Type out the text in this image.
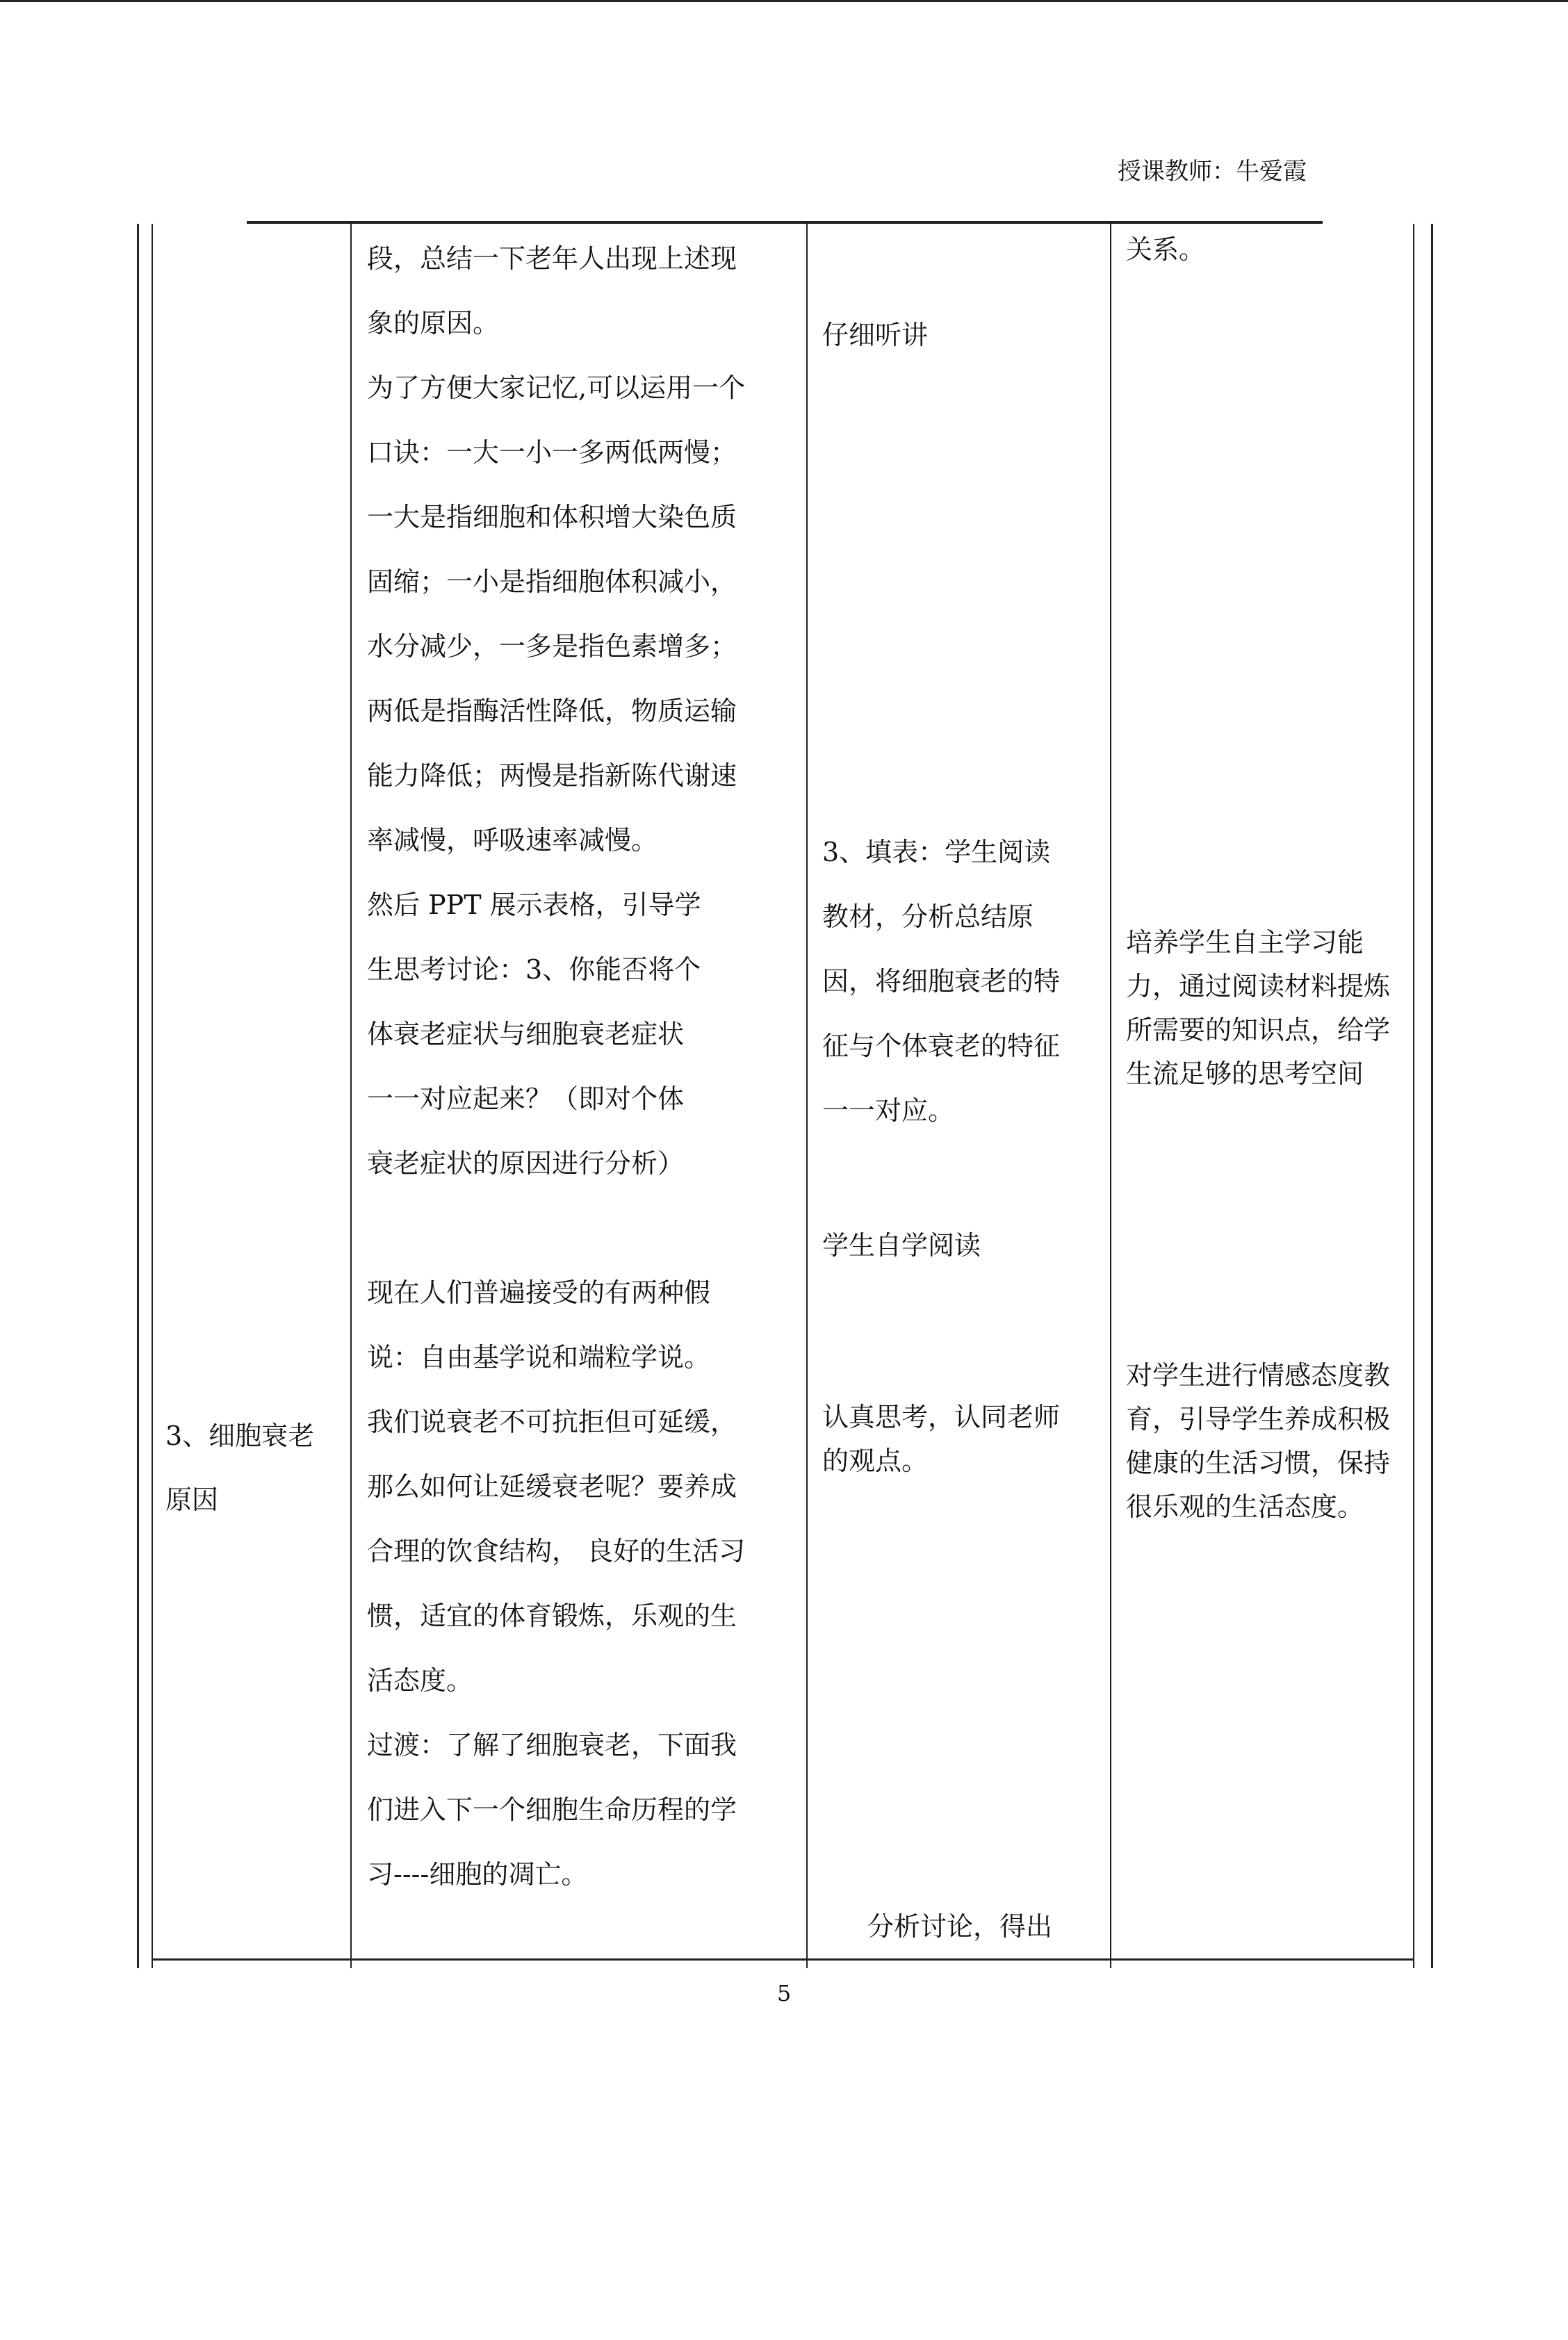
授课教师：牛爱霞
3、细胞衰老原因

段，总结一下老年人出现上述现

象的原因。

为了方便大家记忆,可以运用一个

口诀：一大一小一多两低两慢；

一大是指细胞和体积增大染色质

固缩；一小是指细胞体积减小，

水分减少，一多是指色素增多；

两低是指酶活性降低，物质运输

能力降低；两慢是指新陈代谢速

率减慢，呼吸速率减慢。

然后 PPT 展示表格，引导学

生思考讨论：3、你能否将个

体衰老症状与细胞衰老症状

一一对应起来？（即对个体

衰老症状的原因进行分析）

现在人们普遍接受的有两种假

说：自由基学说和端粒学说。

我们说衰老不可抗拒但可延缓，

那么如何让延缓衰老呢？要养成

合理的饮食结构， 良好的生活习

惯，适宜的体育锻炼，乐观的生

活态度。

过渡：了解了细胞衰老，下面我

们进入下一个细胞生命历程的学

习----细胞的凋亡。

仔细听讲

3、填表：学生阅读

教材，分析总结原

因，将细胞衰老的特

征与个体衰老的特征

一一对应。

学生自学阅读

认真思考，认同老师

的观点。

分析讨论，得出
关系。
培养学生自主学习能力，通过阅读材料提炼所需要的知识点，给学生流足够的思考空间
对学生进行情感态度教育，引导学生养成积极健康的生活习惯，保持很乐观的生活态度。
5
